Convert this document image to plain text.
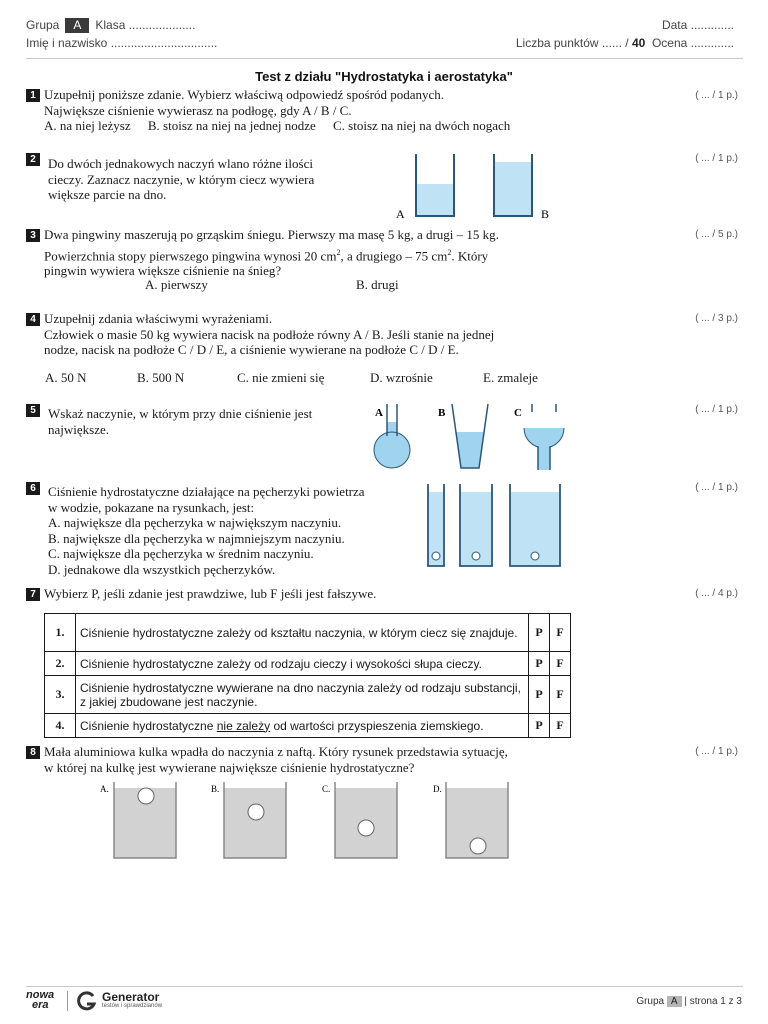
Grupa A Klasa ....................	Data .............
Imię i nazwisko ................................	Liczba punktów ...... / 40 Ocena .............
Test z działu "Hydrostatyka i aerostatyka"
1 Uzupełnij poniższe zdanie. Wybierz właściwą odpowiedź spośród podanych.
Największe ciśnienie wywierasz na podłogę, gdy A / B / C.
A. na niej leżysz B. stoisz na niej na jednej nodze C. stoisz na niej na dwóch nogach
( ... / 1 p.)
2 Do dwóch jednakowych naczyń wlano różne ilości
cieczy. Zaznacz naczynie, w którym ciecz wywiera
większe parcie na dno.
( ... / 1 p.)
A	B
3 Dwa pingwiny maszerują po grząskim śniegu. Pierwszy ma masę 5 kg, a drugi – 15 kg.
Powierzchnia stopy pierwszego pingwina wynosi 20 $cm^2$, a drugiego – 75 $cm^2$. Który
pingwin wywiera większe ciśnienie na śnieg?
A. pierwszy	B. drugi
( ... / 5 p.)
4 Uzupełnij zdania właściwymi wyrażeniami.
Człowiek o masie 50 kg wywiera nacisk na podłoże równy A / B. Jeśli stanie na jednej
nodze, nacisk na podłoże C / D / E, a ciśnienie wywierane na podłoże C / D / E.
A. 50 N	B. 500 N	C. nie zmieni się	D. wzrośnie	E. zmaleje
( ... / 3 p.)
5 Wskaż naczynie, w którym przy dnie ciśnienie jest
największe.
( ... / 1 p.)
A	B	C
6 Ciśnienie hydrostatyczne działające na pęcherzyki powietrza
w wodzie, pokazane na rysunkach, jest:
A. największe dla pęcherzyka w największym naczyniu.
B. największe dla pęcherzyka w najmniejszym naczyniu.
C. największe dla pęcherzyka w średnim naczyniu.
D. jednakowe dla wszystkich pęcherzyków.
( ... / 1 p.)
7 Wybierz P, jeśli zdanie jest prawdziwe, lub F jeśli jest fałszywe.	( ... / 4 p.)
1.	Ciśnienie hydrostatyczne zależy od kształtu naczynia, w którym ciecz się znajduje.	P	F
2.	Ciśnienie hydrostatyczne zależy od rodzaju cieczy i wysokości słupa cieczy.	P	F
3.	Ciśnienie hydrostatyczne wywierane na dno naczynia zależy od rodzaju substancji, z jakiej zbudowane jest naczynie.	P	F
4.	Ciśnienie hydrostatyczne nie zależy od wartości przyspieszenia ziemskiego.	P	F
8 Mała aluminiowa kulka wpadła do naczynia z naftą. Który rysunek przedstawia sytuację,
w której na kulkę jest wywierane największe ciśnienie hydrostatyczne?
( ... / 1 p.)
A.	B.	C.	D.
nowa
era
Generator
testów i sprawdzianów	Grupa A | strona 1 z 3
